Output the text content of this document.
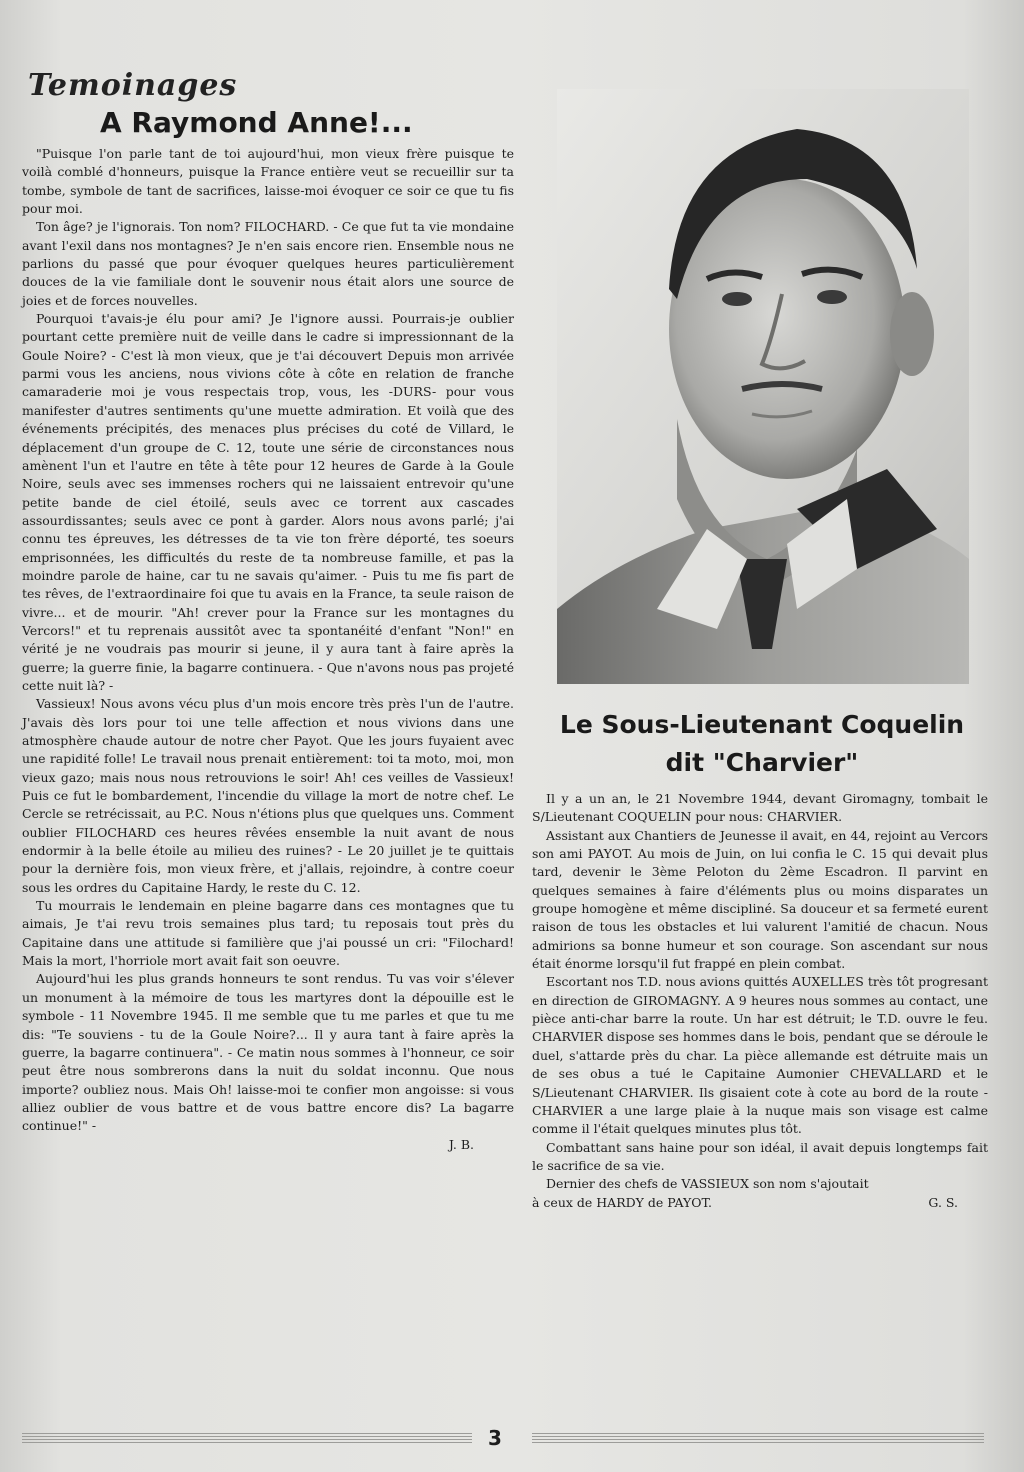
Temoinages
A Raymond Anne!...

"Puisque l'on parle tant de toi aujourd'hui, mon vieux frère puisque te voilà comblé d'honneurs, puisque la France entière veut se recueillir sur ta tombe, symbole de tant de sacrifices, laisse-moi évoquer ce soir ce que tu fis pour moi.

Ton âge? je l'ignorais. Ton nom? FILOCHARD. - Ce que fut ta vie mondaine avant l'exil dans nos montagnes? Je n'en sais encore rien. Ensemble nous ne parlions du passé que pour évoquer quelques heures particulièrement douces de la vie familiale dont le souvenir nous était alors une source de joies et de forces nouvelles.

Pourquoi t'avais-je élu pour ami? Je l'ignore aussi. Pourrais-je oublier pourtant cette première nuit de veille dans le cadre si impressionnant de la Goule Noire? - C'est là mon vieux, que je t'ai découvert Depuis mon arrivée parmi vous les anciens, nous vivions côte à côte en relation de franche camaraderie moi je vous respectais trop, vous, les -DURS- pour vous manifester d'autres sentiments qu'une muette admiration. Et voilà que des événements précipités, des menaces plus précises du coté de Villard, le déplacement d'un groupe de C. 12, toute une série de circonstances nous amènent l'un et l'autre en tête à tête pour 12 heures de Garde à la Goule Noire, seuls avec ses immenses rochers qui ne laissaient entrevoir qu'une petite bande de ciel étoilé, seuls avec ce torrent aux cascades assourdissantes; seuls avec ce pont à garder. Alors nous avons parlé; j'ai connu tes épreuves, les détresses de ta vie ton frère déporté, tes soeurs emprisonnées, les difficultés du reste de ta nombreuse famille, et pas la moindre parole de haine, car tu ne savais qu'aimer. - Puis tu me fis part de tes rêves, de l'extraordinaire foi que tu avais en la France, ta seule raison de vivre... et de mourir. "Ah! crever pour la France sur les montagnes du Vercors!" et tu reprenais aussitôt avec ta spontanéité d'enfant "Non!" en vérité je ne voudrais pas mourir si jeune, il y aura tant à faire après la guerre; la guerre finie, la bagarre continuera. - Que n'avons nous pas projeté cette nuit là? -

Vassieux! Nous avons vécu plus d'un mois encore très près l'un de l'autre. J'avais dès lors pour toi une telle affection et nous vivions dans une atmosphère chaude autour de notre cher Payot. Que les jours fuyaient avec une rapidité folle! Le travail nous prenait entièrement: toi ta moto, moi, mon vieux gazo; mais nous nous retrouvions le soir! Ah! ces veilles de Vassieux! Puis ce fut le bombardement, l'incendie du village la mort de notre chef. Le Cercle se retrécissait, au P.C. Nous n'étions plus que quelques uns. Comment oublier FILOCHARD ces heures rêvées ensemble la nuit avant de nous endormir à la belle étoile au milieu des ruines? - Le 20 juillet je te quittais pour la dernière fois, mon vieux frère, et j'allais, rejoindre, à contre coeur sous les ordres du Capitaine Hardy, le reste du C. 12.

Tu mourrais le lendemain en pleine bagarre dans ces montagnes que tu aimais, Je t'ai revu trois semaines plus tard; tu reposais tout près du Capitaine dans une attitude si familière que j'ai poussé un cri: "Filochard! Mais la mort, l'horriole mort avait fait son oeuvre.

Aujourd'hui les plus grands honneurs te sont rendus. Tu vas voir s'élever un monument à la mémoire de tous les martyres dont la dépouille est le symbole - 11 Novembre 1945. Il me semble que tu me parles et que tu me dis: "Te souviens - tu de la Goule Noire?... Il y aura tant à faire après la guerre, la bagarre continuera". - Ce matin nous sommes à l'honneur, ce soir peut être nous sombrerons dans la nuit du soldat inconnu. Que nous importe? oubliez nous. Mais Oh! laisse-moi te confier mon angoisse: si vous alliez oublier de vous battre et de vous battre encore dis? La bagarre continue!" -

J. B.
Le Sous-Lieutenant Coquelin
dit "Charvier"

Il y a un an, le 21 Novembre 1944, devant Giromagny, tombait le S/Lieutenant COQUELIN pour nous: CHARVIER.

Assistant aux Chantiers de Jeunesse il avait, en 44, rejoint au Vercors son ami PAYOT. Au mois de Juin, on lui confia le C. 15 qui devait plus tard, devenir le 3ème Peloton du 2ème Escadron. Il parvint en quelques semaines à faire d'éléments plus ou moins disparates un groupe homogène et même discipliné. Sa douceur et sa fermeté eurent raison de tous les obstacles et lui valurent l'amitié de chacun. Nous admirions sa bonne humeur et son courage. Son ascendant sur nous était énorme lorsqu'il fut frappé en plein combat.

Escortant nos T.D. nous avions quittés AUXELLES très tôt progresant en direction de GIROMAGNY. A 9 heures nous sommes au contact, une pièce anti-char barre la route. Un har est détruit; le T.D. ouvre le feu. CHARVIER dispose ses hommes dans le bois, pendant que se déroule le duel, s'attarde près du char. La pièce allemande est détruite mais un de ses obus a tué le Capitaine Aumonier CHEVALLARD et le S/Lieutenant CHARVIER. Ils gisaient cote à cote au bord de la route - CHARVIER a une large plaie à la nuque mais son visage est calme comme il l'était quelques minutes plus tôt.

Combattant sans haine pour son idéal, il avait depuis longtemps fait le sacrifice de sa vie.

Dernier des chefs de VASSIEUX son nom s'ajoutait

à ceux de HARDY de PAYOT.	G. S.
3
